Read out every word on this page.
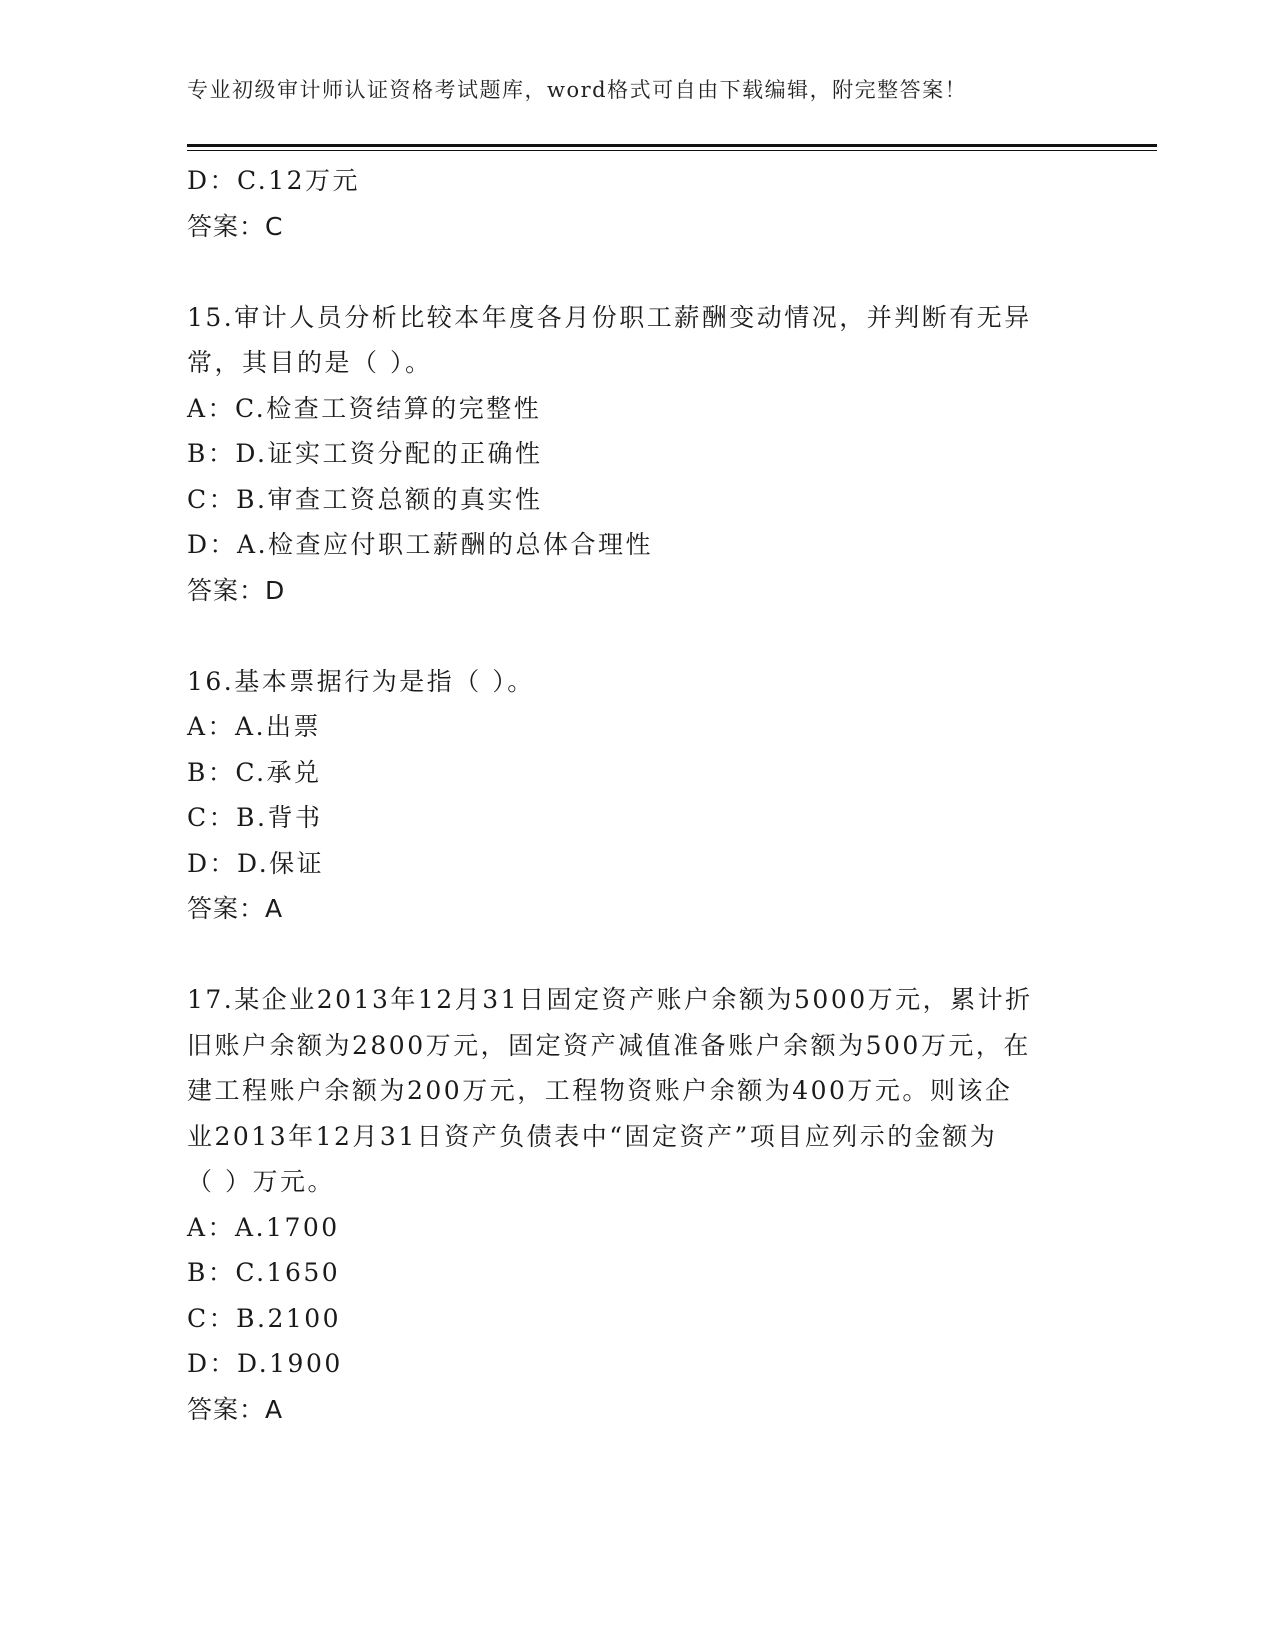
专业初级审计师认证资格考试题库，word格式可自由下载编辑，附完整答案！
D：C.12万元
答案：C
15.审计人员分析比较本年度各月份职工薪酬变动情况，并判断有无异
常，其目的是（ ）。
A：C.检查工资结算的完整性
B：D.证实工资分配的正确性
C：B.审查工资总额的真实性
D：A.检查应付职工薪酬的总体合理性
答案：D
16.基本票据行为是指（ ）。
A：A.出票
B：C.承兑
C：B.背书
D：D.保证
答案：A
17.某企业2013年12月31日固定资产账户余额为5000万元，累计折
旧账户余额为2800万元，固定资产减值准备账户余额为500万元，在
建工程账户余额为200万元，工程物资账户余额为400万元。则该企
业2013年12月31日资产负债表中“固定资产”项目应列示的金额为
（ ）万元。
A：A.1700
B：C.1650
C：B.2100
D：D.1900
答案：A
